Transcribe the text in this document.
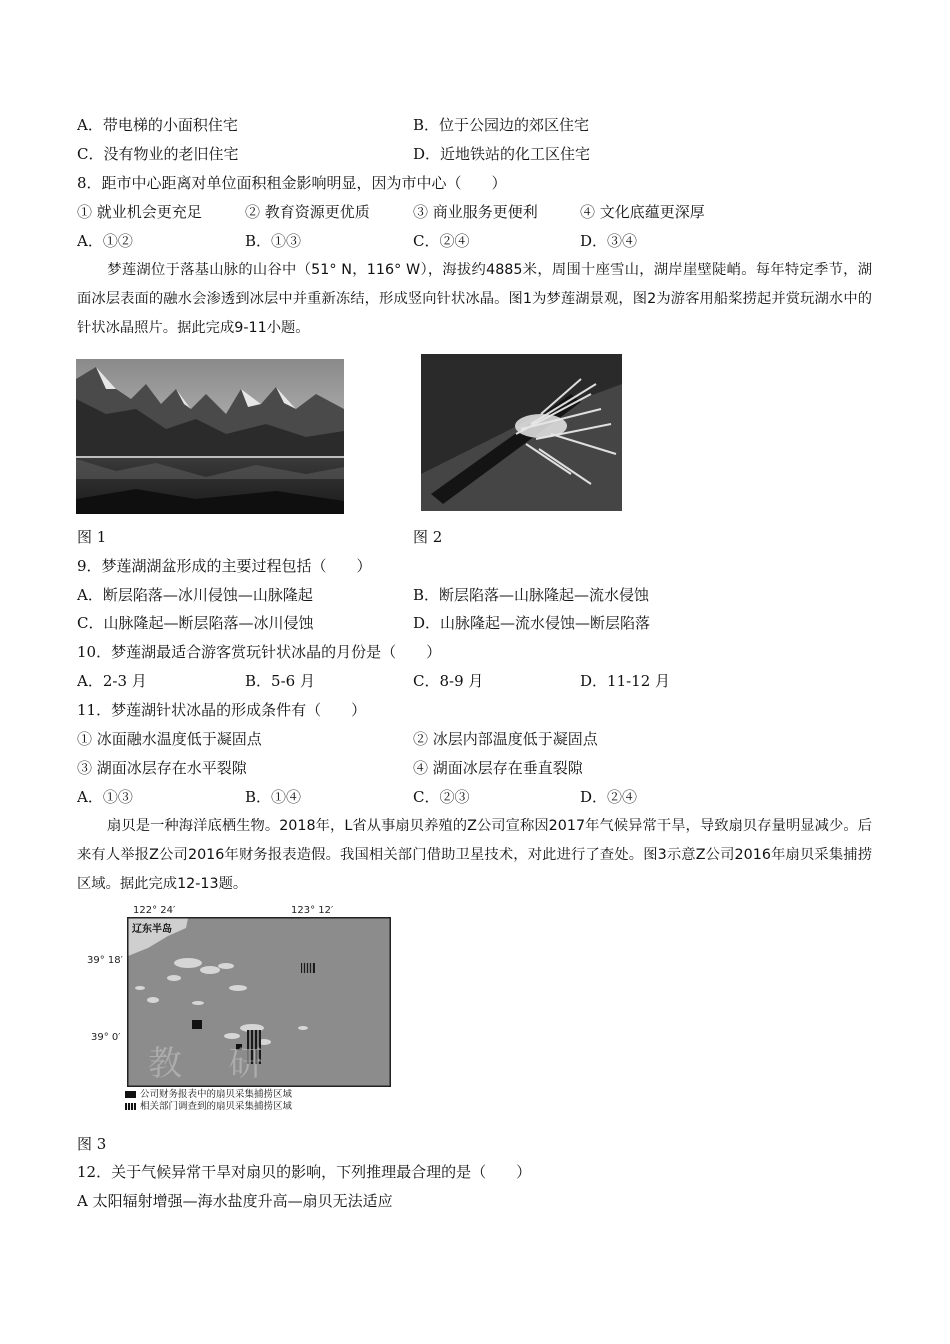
A．带电梯的小面积住宅	B．位于公园边的郊区住宅
C．没有物业的老旧住宅	D．近地铁站的化工区住宅
8．距市中心距离对单位面积租金影响明显，因为市中心（　　）
① 就业机会更充足	② 教育资源更优质	③ 商业服务更便利	④ 文化底蕴更深厚
A．①②	B．①③	C．②④	D．③④
梦莲湖位于落基山脉的山谷中（51° N，116° W），海拔约4885米，周围十座雪山，湖岸崖壁陡峭。每年特定季节，湖面冰层表面的融水会渗透到冰层中并重新冻结，形成竖向针状冰晶。图1为梦莲湖景观，图2为游客用船桨捞起并赏玩湖水中的针状冰晶照片。据此完成9-11小题。
图 1	图 2
9．梦莲湖湖盆形成的主要过程包括（　　）
A．断层陷落—冰川侵蚀—山脉隆起	B．断层陷落—山脉隆起—流水侵蚀
C．山脉隆起—断层陷落—冰川侵蚀	D．山脉隆起—流水侵蚀—断层陷落
10．梦莲湖最适合游客赏玩针状冰晶的月份是（　　）
A．2-3 月	B．5-6 月	C．8-9 月	D．11-12 月
11．梦莲湖针状冰晶的形成条件有（　　）
① 冰面融水温度低于凝固点	② 冰层内部温度低于凝固点
③ 湖面冰层存在水平裂隙	④ 湖面冰层存在垂直裂隙
A．①③	B．①④	C．②③	D．②④
扇贝是一种海洋底栖生物。2018年，L省从事扇贝养殖的Z公司宣称因2017年气候异常干旱，导致扇贝存量明显减少。后来有人举报Z公司2016年财务报表造假。我国相关部门借助卫星技术，对此进行了查处。图3示意Z公司2016年扇贝采集捕捞区域。据此完成12-13题。
122° 24′	123° 12′
39° 18′
39° 0′
辽东半岛
教 研
公司财务报表中的扇贝采集捕捞区域
相关部门调查到的扇贝采集捕捞区域
图 3
12．关于气候异常干旱对扇贝的影响，下列推理最合理的是（　　）
A 太阳辐射增强—海水盐度升高—扇贝无法适应
